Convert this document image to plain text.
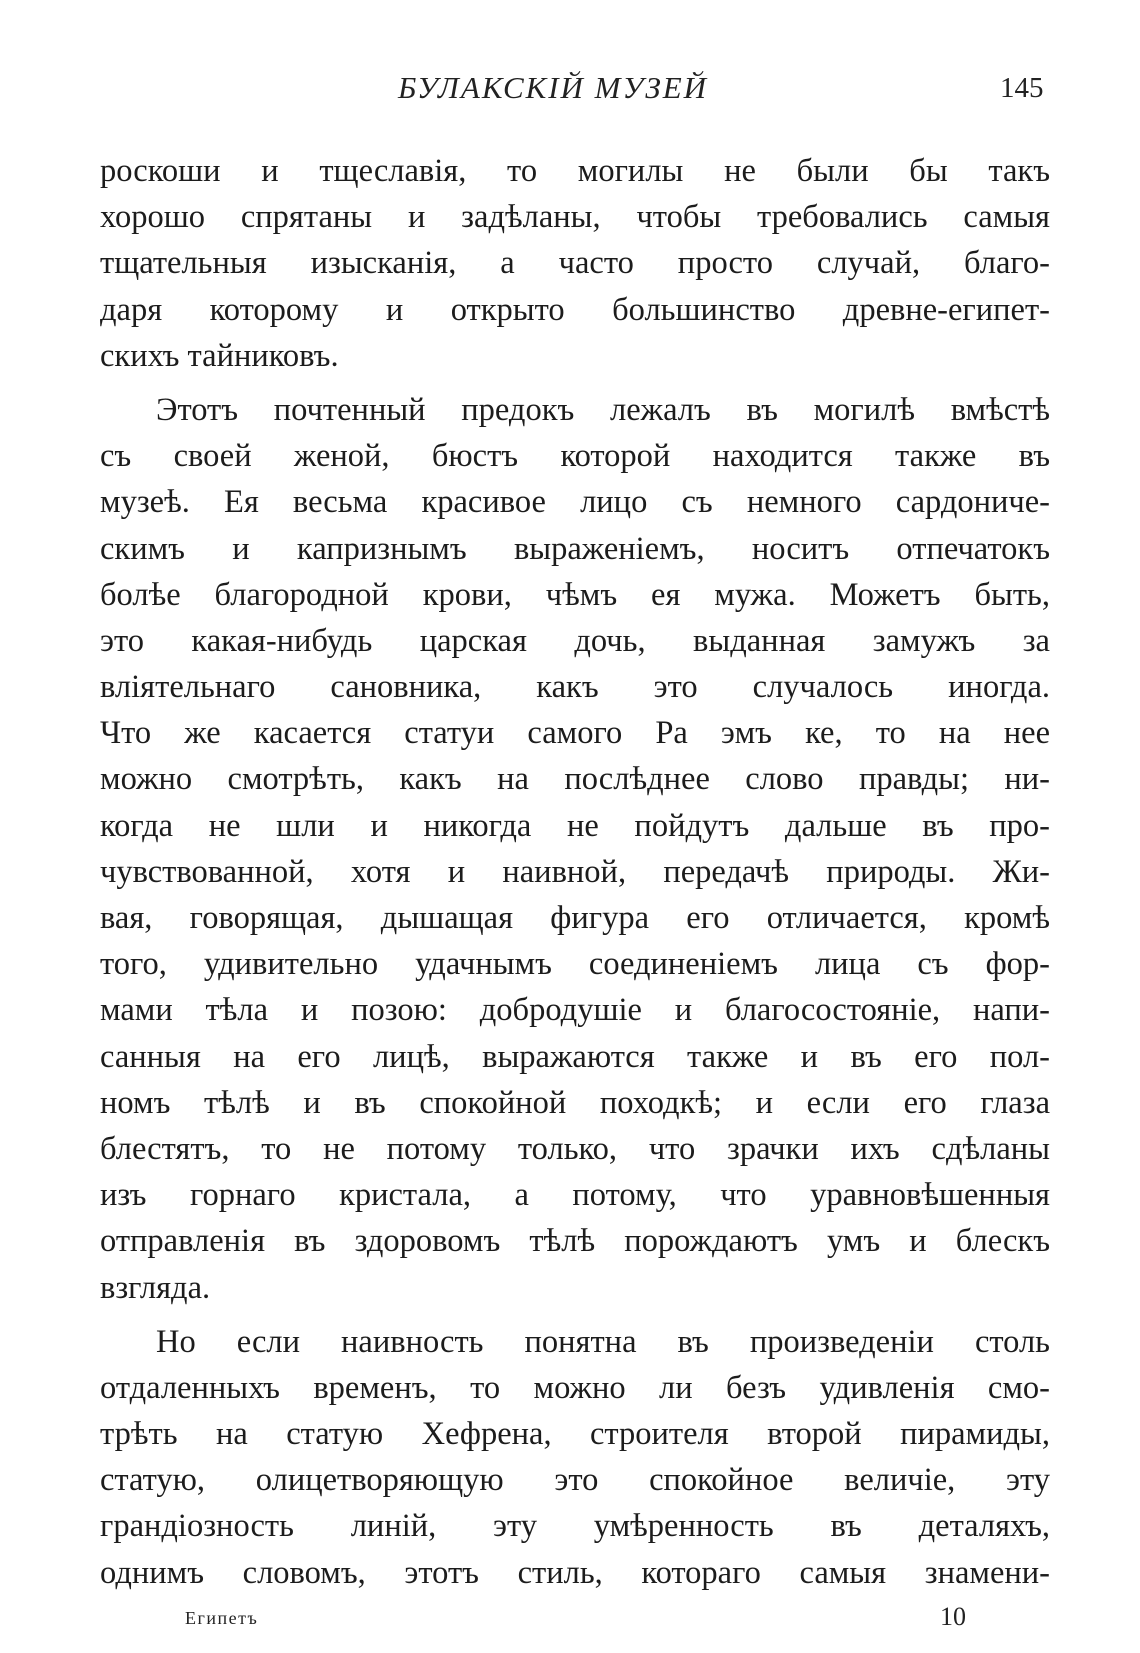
БУЛАКСКІЙ МУЗЕЙ	145
роскоши и тщеславія, то могилы не были бы такъ
хорошо спрятаны и задѣланы, чтобы требовались самыя
тщательныя изысканія, а часто просто случай, благо-
даря которому и открыто большинство древне-египет-
скихъ тайниковъ.
Этотъ почтенный предокъ лежалъ въ могилѣ вмѣстѣ
съ своей женой, бюстъ которой находится также въ
музеѣ. Ея весьма красивое лицо съ немного сардониче-
скимъ и капризнымъ выраженіемъ, носитъ отпечатокъ
болѣе благородной крови, чѣмъ ея мужа. Можетъ быть,
это какая-нибудь царская дочь, выданная замужъ за
вліятельнаго сановника, какъ это случалось иногда.
Что же касается статуи самого Ра эмъ ке, то на нее
можно смотрѣть, какъ на послѣднее слово правды; ни-
когда не шли и никогда не пойдутъ дальше въ про-
чувствованной, хотя и наивной, передачѣ природы. Жи-
вая, говорящая, дышащая фигура его отличается, кромѣ
того, удивительно удачнымъ соединеніемъ лица съ фор-
мами тѣла и позою: добродушіе и благосостояніе, напи-
санныя на его лицѣ, выражаются также и въ его пол-
номъ тѣлѣ и въ спокойной походкѣ; и если его глаза
блестятъ, то не потому только, что зрачки ихъ сдѣланы
изъ горнаго кристала, а потому, что уравновѣшенныя
отправленія въ здоровомъ тѣлѣ порождаютъ умъ и блескъ
взгляда.
Но если наивность понятна въ произведеніи столь
отдаленныхъ временъ, то можно ли безъ удивленія смо-
трѣть на статую Хефрена, строителя второй пирамиды,
статую, олицетворяющую это спокойное величіе, эту
грандіозность линій, эту умѣренность въ деталяхъ,
однимъ словомъ, этотъ стиль, котораго самыя знамени-
Египетъ	10
